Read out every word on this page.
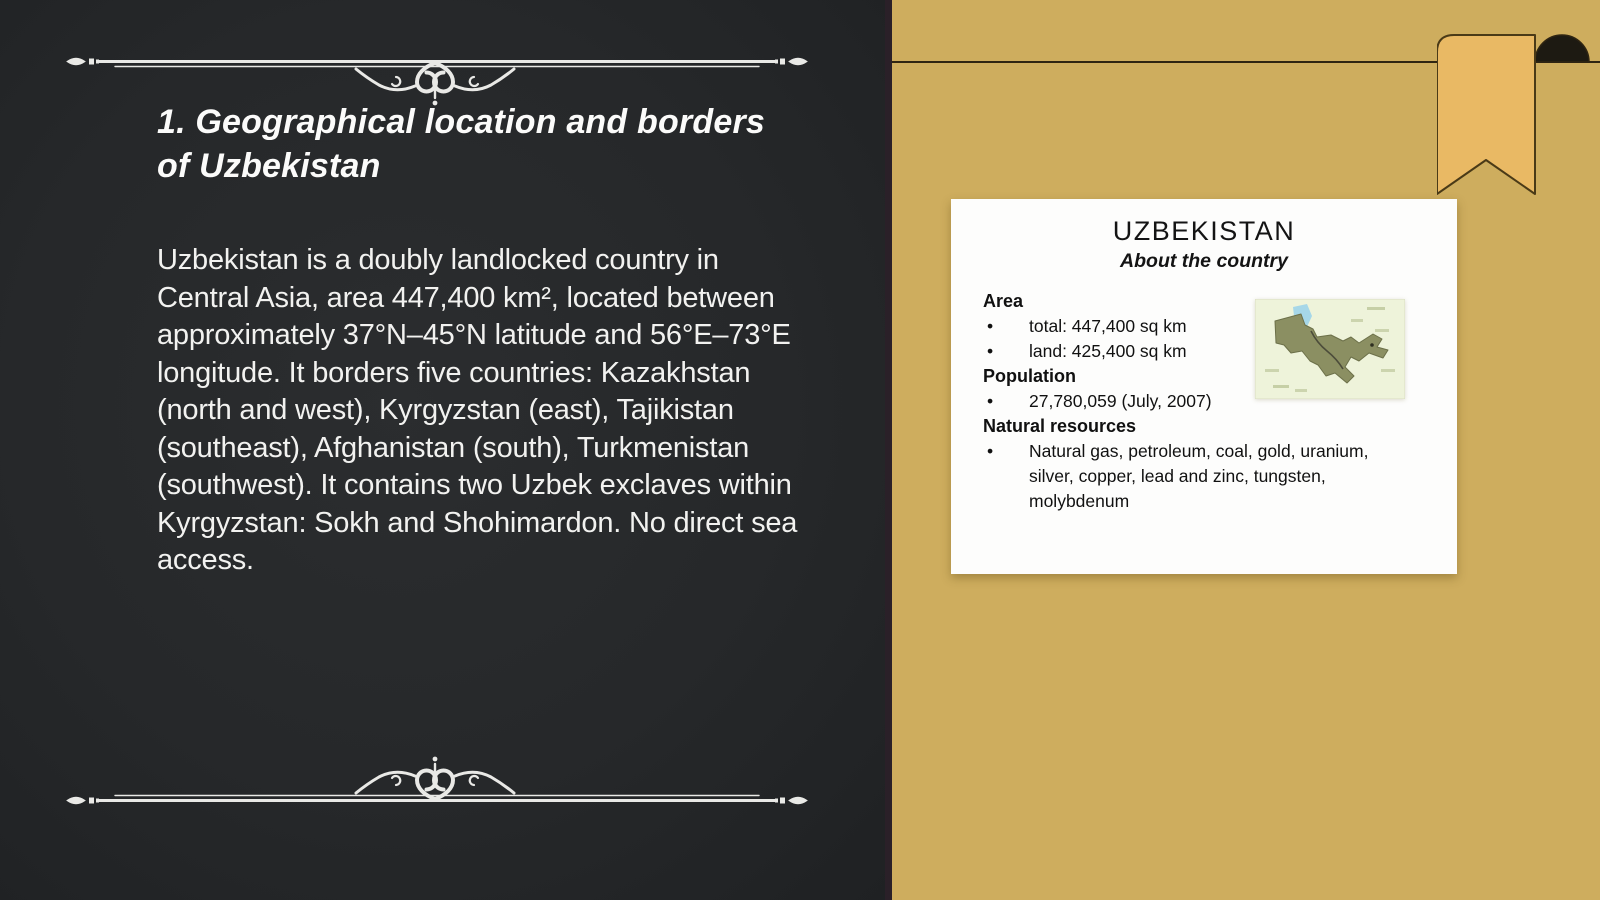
1. Geographical location and borders of Uzbekistan

Uzbekistan is a doubly landlocked country in Central Asia, area 447,400 km², located between approximately 37°N–45°N latitude and 56°E–73°E longitude. It borders five countries: Kazakhstan (north and west), Kyrgyzstan (east), Tajikistan (southeast), Afghanistan (south), Turkmenistan (southwest). It contains two Uzbek exclaves within Kyrgyzstan: Sokh and Shohimardon. No direct sea access.

UZBEKISTAN
About the country
Area
•	total: 447,400 sq km
•	land: 425,400 sq km
Population
•	27,780,059 (July, 2007)
Natural resources
•	Natural gas, petroleum, coal, gold, uranium, silver, copper, lead and zinc, tungsten, molybdenum
